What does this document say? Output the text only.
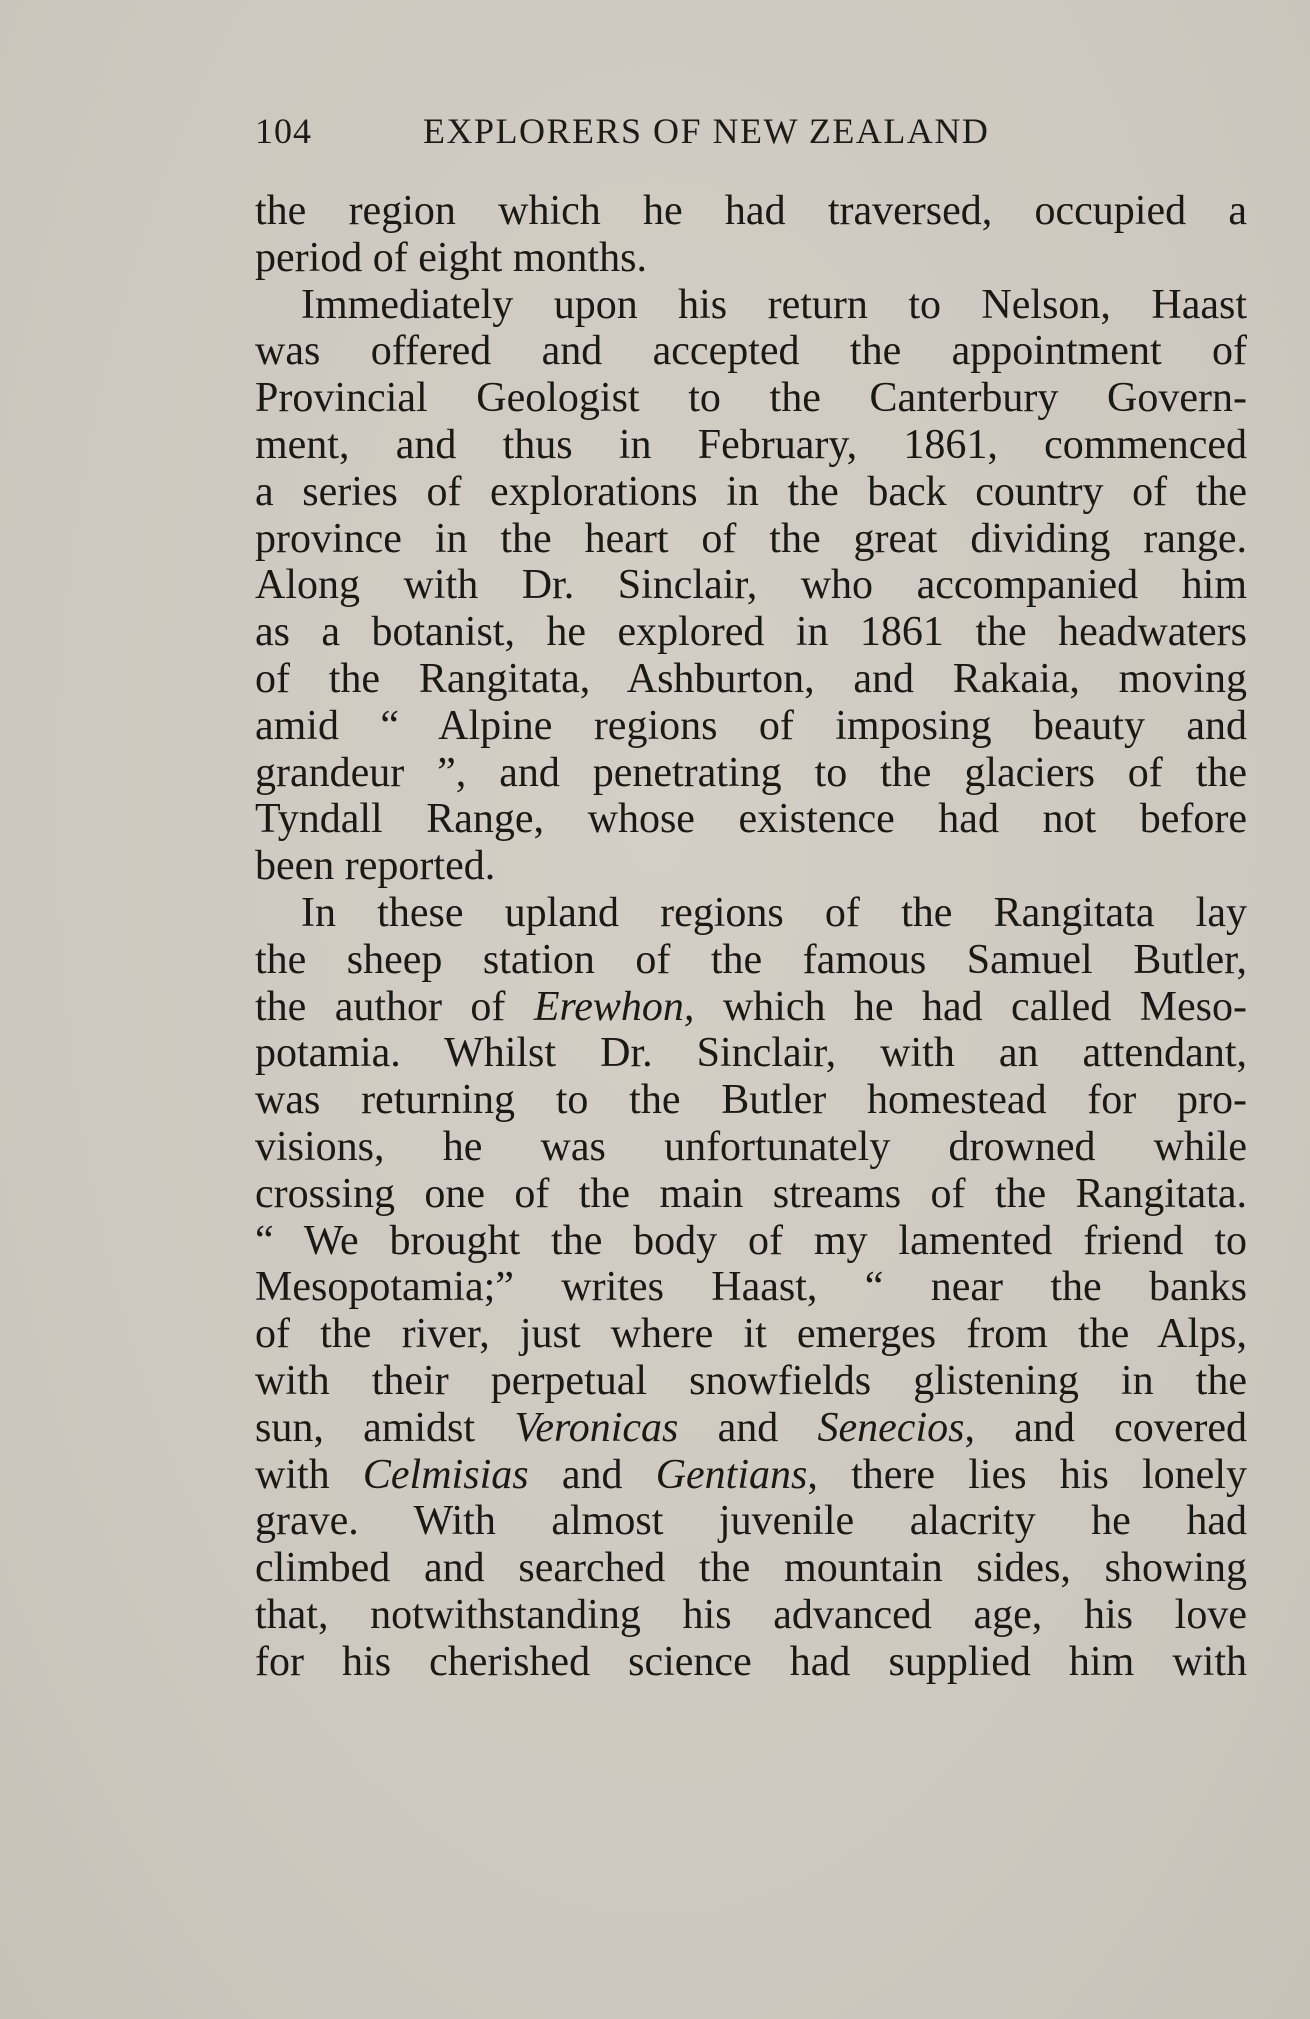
104	EXPLORERS OF NEW ZEALAND
the region which he had traversed, occupied a
period of eight months.
Immediately upon his return to Nelson, Haast
was offered and accepted the appointment of
Provincial Geologist to the Canterbury Govern-
ment, and thus in February, 1861, commenced
a series of explorations in the back country of the
province in the heart of the great dividing range.
Along with Dr. Sinclair, who accompanied him
as a botanist, he explored in 1861 the headwaters
of the Rangitata, Ashburton, and Rakaia, moving
amid “ Alpine regions of imposing beauty and
grandeur ”, and penetrating to the glaciers of the
Tyndall Range, whose existence had not before
been reported.
In these upland regions of the Rangitata lay
the sheep station of the famous Samuel Butler,
the author of Erewhon, which he had called Meso-
potamia. Whilst Dr. Sinclair, with an attendant,
was returning to the Butler homestead for pro-
visions, he was unfortunately drowned while
crossing one of the main streams of the Rangitata.
“ We brought the body of my lamented friend to
Mesopotamia;” writes Haast, “ near the banks
of the river, just where it emerges from the Alps,
with their perpetual snowfields glistening in the
sun, amidst Veronicas and Senecios, and covered
with Celmisias and Gentians, there lies his lonely
grave. With almost juvenile alacrity he had
climbed and searched the mountain sides, showing
that, notwithstanding his advanced age, his love
for his cherished science had supplied him with
